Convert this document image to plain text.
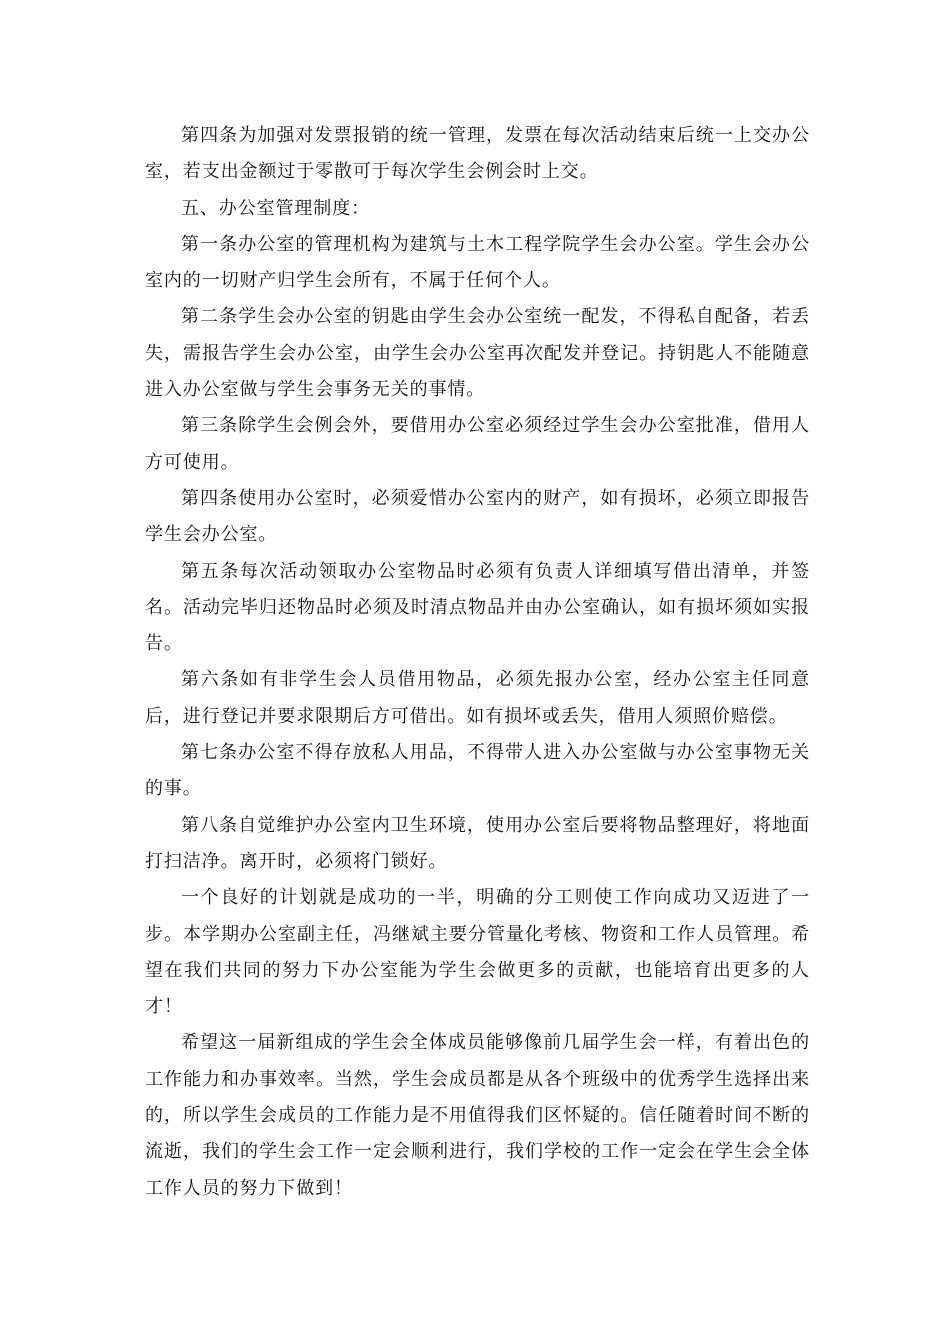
第四条为加强对发票报销的统一管理，发票在每次活动结束后统一上交办公室，若支出金额过于零散可于每次学生会例会时上交。

五、办公室管理制度：

第一条办公室的管理机构为建筑与土木工程学院学生会办公室。学生会办公室内的一切财产归学生会所有，不属于任何个人。

第二条学生会办公室的钥匙由学生会办公室统一配发，不得私自配备，若丢失，需报告学生会办公室，由学生会办公室再次配发并登记。持钥匙人不能随意进入办公室做与学生会事务无关的事情。

第三条除学生会例会外，要借用办公室必须经过学生会办公室批准，借用人方可使用。

第四条使用办公室时，必须爱惜办公室内的财产，如有损坏，必须立即报告学生会办公室。

第五条每次活动领取办公室物品时必须有负责人详细填写借出清单，并签名。活动完毕归还物品时必须及时清点物品并由办公室确认，如有损坏须如实报告。

第六条如有非学生会人员借用物品，必须先报办公室，经办公室主任同意后，进行登记并要求限期后方可借出。如有损坏或丢失，借用人须照价赔偿。

第七条办公室不得存放私人用品，不得带人进入办公室做与办公室事物无关的事。

第八条自觉维护办公室内卫生环境，使用办公室后要将物品整理好，将地面打扫洁净。离开时，必须将门锁好。

一个良好的计划就是成功的一半，明确的分工则使工作向成功又迈进了一步。本学期办公室副主任，冯继斌主要分管量化考核、物资和工作人员管理。希望在我们共同的努力下办公室能为学生会做更多的贡献，也能培育出更多的人才！

希望这一届新组成的学生会全体成员能够像前几届学生会一样，有着出色的工作能力和办事效率。当然，学生会成员都是从各个班级中的优秀学生选择出来的，所以学生会成员的工作能力是不用值得我们区怀疑的。信任随着时间不断的流逝，我们的学生会工作一定会顺利进行，我们学校的工作一定会在学生会全体工作人员的努力下做到！
